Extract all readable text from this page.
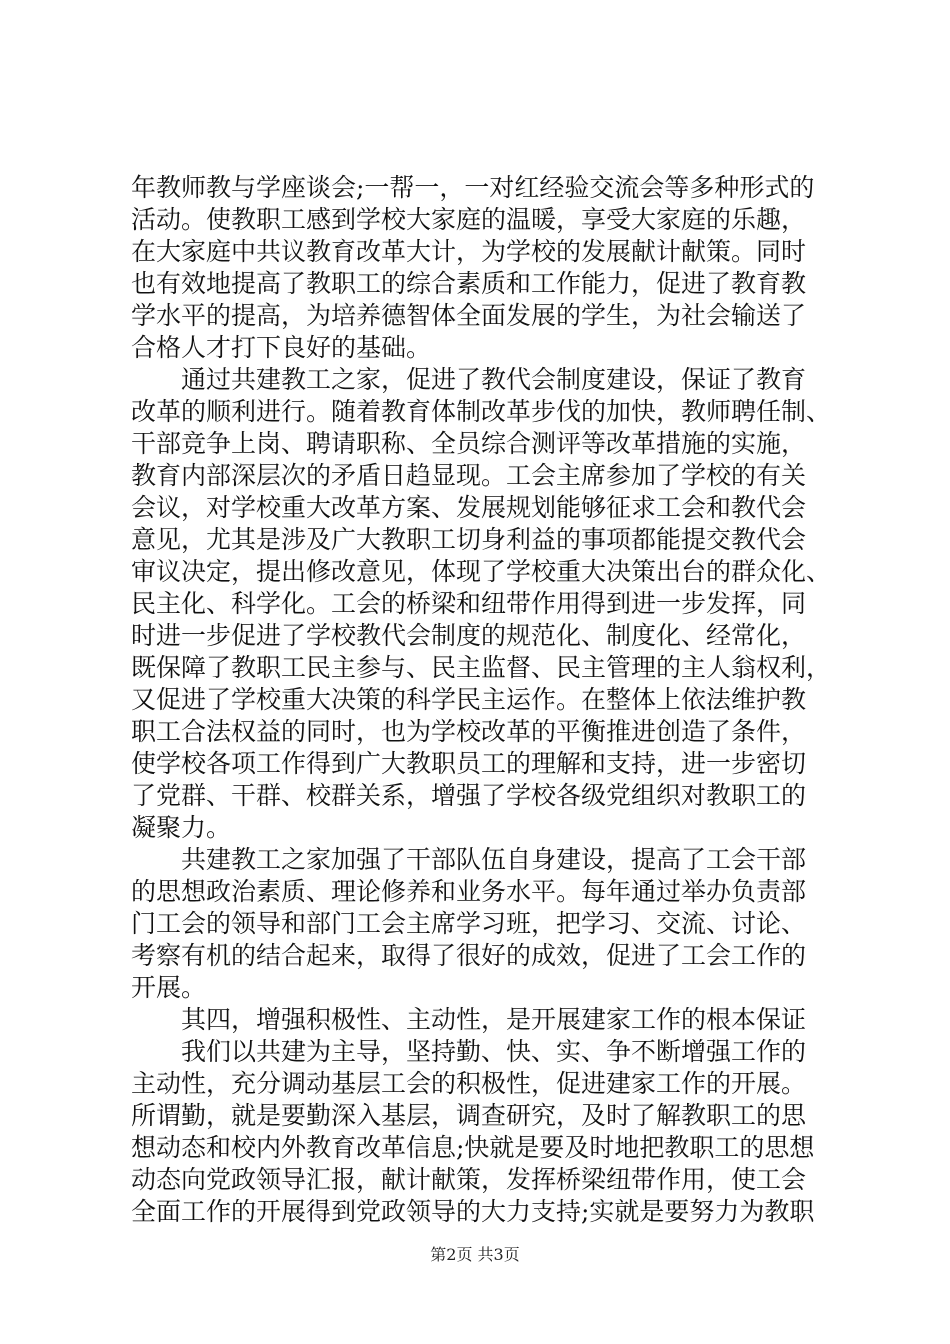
年教师教与学座谈会;一帮一，一对红经验交流会等多种形式的
活动。使教职工感到学校大家庭的温暖，享受大家庭的乐趣，
在大家庭中共议教育改革大计，为学校的发展献计献策。同时
也有效地提高了教职工的综合素质和工作能力，促进了教育教
学水平的提高，为培养德智体全面发展的学生，为社会输送了
合格人才打下良好的基础。
通过共建教工之家，促进了教代会制度建设，保证了教育
改革的顺利进行。随着教育体制改革步伐的加快，教师聘任制、
干部竞争上岗、聘请职称、全员综合测评等改革措施的实施，
教育内部深层次的矛盾日趋显现。工会主席参加了学校的有关
会议，对学校重大改革方案、发展规划能够征求工会和教代会
意见，尤其是涉及广大教职工切身利益的事项都能提交教代会
审议决定，提出修改意见，体现了学校重大决策出台的群众化、
民主化、科学化。工会的桥梁和纽带作用得到进一步发挥，同
时进一步促进了学校教代会制度的规范化、制度化、经常化，
既保障了教职工民主参与、民主监督、民主管理的主人翁权利，
又促进了学校重大决策的科学民主运作。在整体上依法维护教
职工合法权益的同时，也为学校改革的平衡推进创造了条件，
使学校各项工作得到广大教职员工的理解和支持，进一步密切
了党群、干群、校群关系，增强了学校各级党组织对教职工的
凝聚力。
共建教工之家加强了干部队伍自身建设，提高了工会干部
的思想政治素质、理论修养和业务水平。每年通过举办负责部
门工会的领导和部门工会主席学习班，把学习、交流、讨论、
考察有机的结合起来，取得了很好的成效，促进了工会工作的
开展。
其四，增强积极性、主动性，是开展建家工作的根本保证
我们以共建为主导，坚持勤、快、实、争不断增强工作的
主动性，充分调动基层工会的积极性，促进建家工作的开展。
所谓勤，就是要勤深入基层，调查研究，及时了解教职工的思
想动态和校内外教育改革信息;快就是要及时地把教职工的思想
动态向党政领导汇报，献计献策，发挥桥梁纽带作用，使工会
全面工作的开展得到党政领导的大力支持;实就是要努力为教职
第2页 共3页
